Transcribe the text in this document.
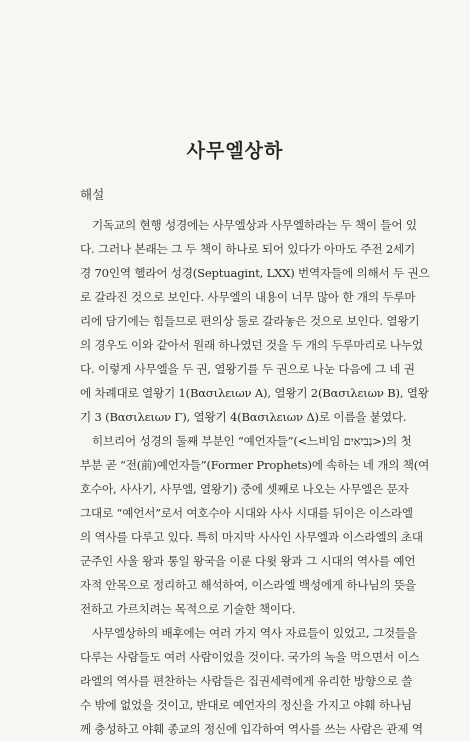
사무엘상하
해설
기독교의 현행 성경에는 사무엘상과 사무엘하라는 두 책이 들어 있
다. 그러나 본래는 그 두 책이 하나로 되어 있다가 아마도 주전 2세기
경 70인역 헬라어 성경(Septuagint, LXX) 번역자들에 의해서 두 권으
로 갈라진 것으로 보인다. 사무엘의 내용이 너무 많아 한 개의 두루마
리에 담기에는 힘들므로 편의상 둘로 갈라놓은 것으로 보인다. 열왕기
의 경우도 이와 같아서 원래 하나였던 것을 두 개의 두루마리로 나누었
다. 이렇게 사무엘을 두 권, 열왕기를 두 권으로 나눈 다음에 그 네 권
에 차례대로 열왕기 1(Βασιλειων A), 열왕기 2(Βασιλειων B), 열왕
기 3 (Βασιλειων Γ), 열왕기 4(Βασιλειων Δ)로 이름을 붙였다.
히브리어 성경의 둘째 부분인 “예언자들”(<느비임 נְבִיאִים>)의 첫
부분 곧 “전(前)예언자들”(Former Prophets)에 속하는 네 개의 책(여
호수아, 사사기, 사무엘, 열왕기) 중에 셋째로 나오는 사무엘은 문자
그대로 “예언서”로서 여호수아 시대와 사사 시대를 뒤이은 이스라엘
의 역사를 다루고 있다. 특히 마지막 사사인 사무엘과 이스라엘의 초대
군주인 사울 왕과 통일 왕국을 이룬 다윗 왕과 그 시대의 역사를 예언
자적 안목으로 정리하고 해석하여, 이스라엘 백성에게 하나님의 뜻을
전하고 가르치려는 목적으로 기술한 책이다.
사무엘상하의 배후에는 여러 가지 역사 자료들이 있었고, 그것들을
다루는 사람들도 여러 사람이었을 것이다. 국가의 녹을 먹으면서 이스
라엘의 역사를 편찬하는 사람들은 집권세력에게 유리한 방향으로 쓸
수 밖에 없었을 것이고, 반대로 예언자의 정신을 가지고 야훼 하나님
께 충성하고 야훼 종교의 정신에 입각하여 역사를 쓰는 사람은 관제 역
